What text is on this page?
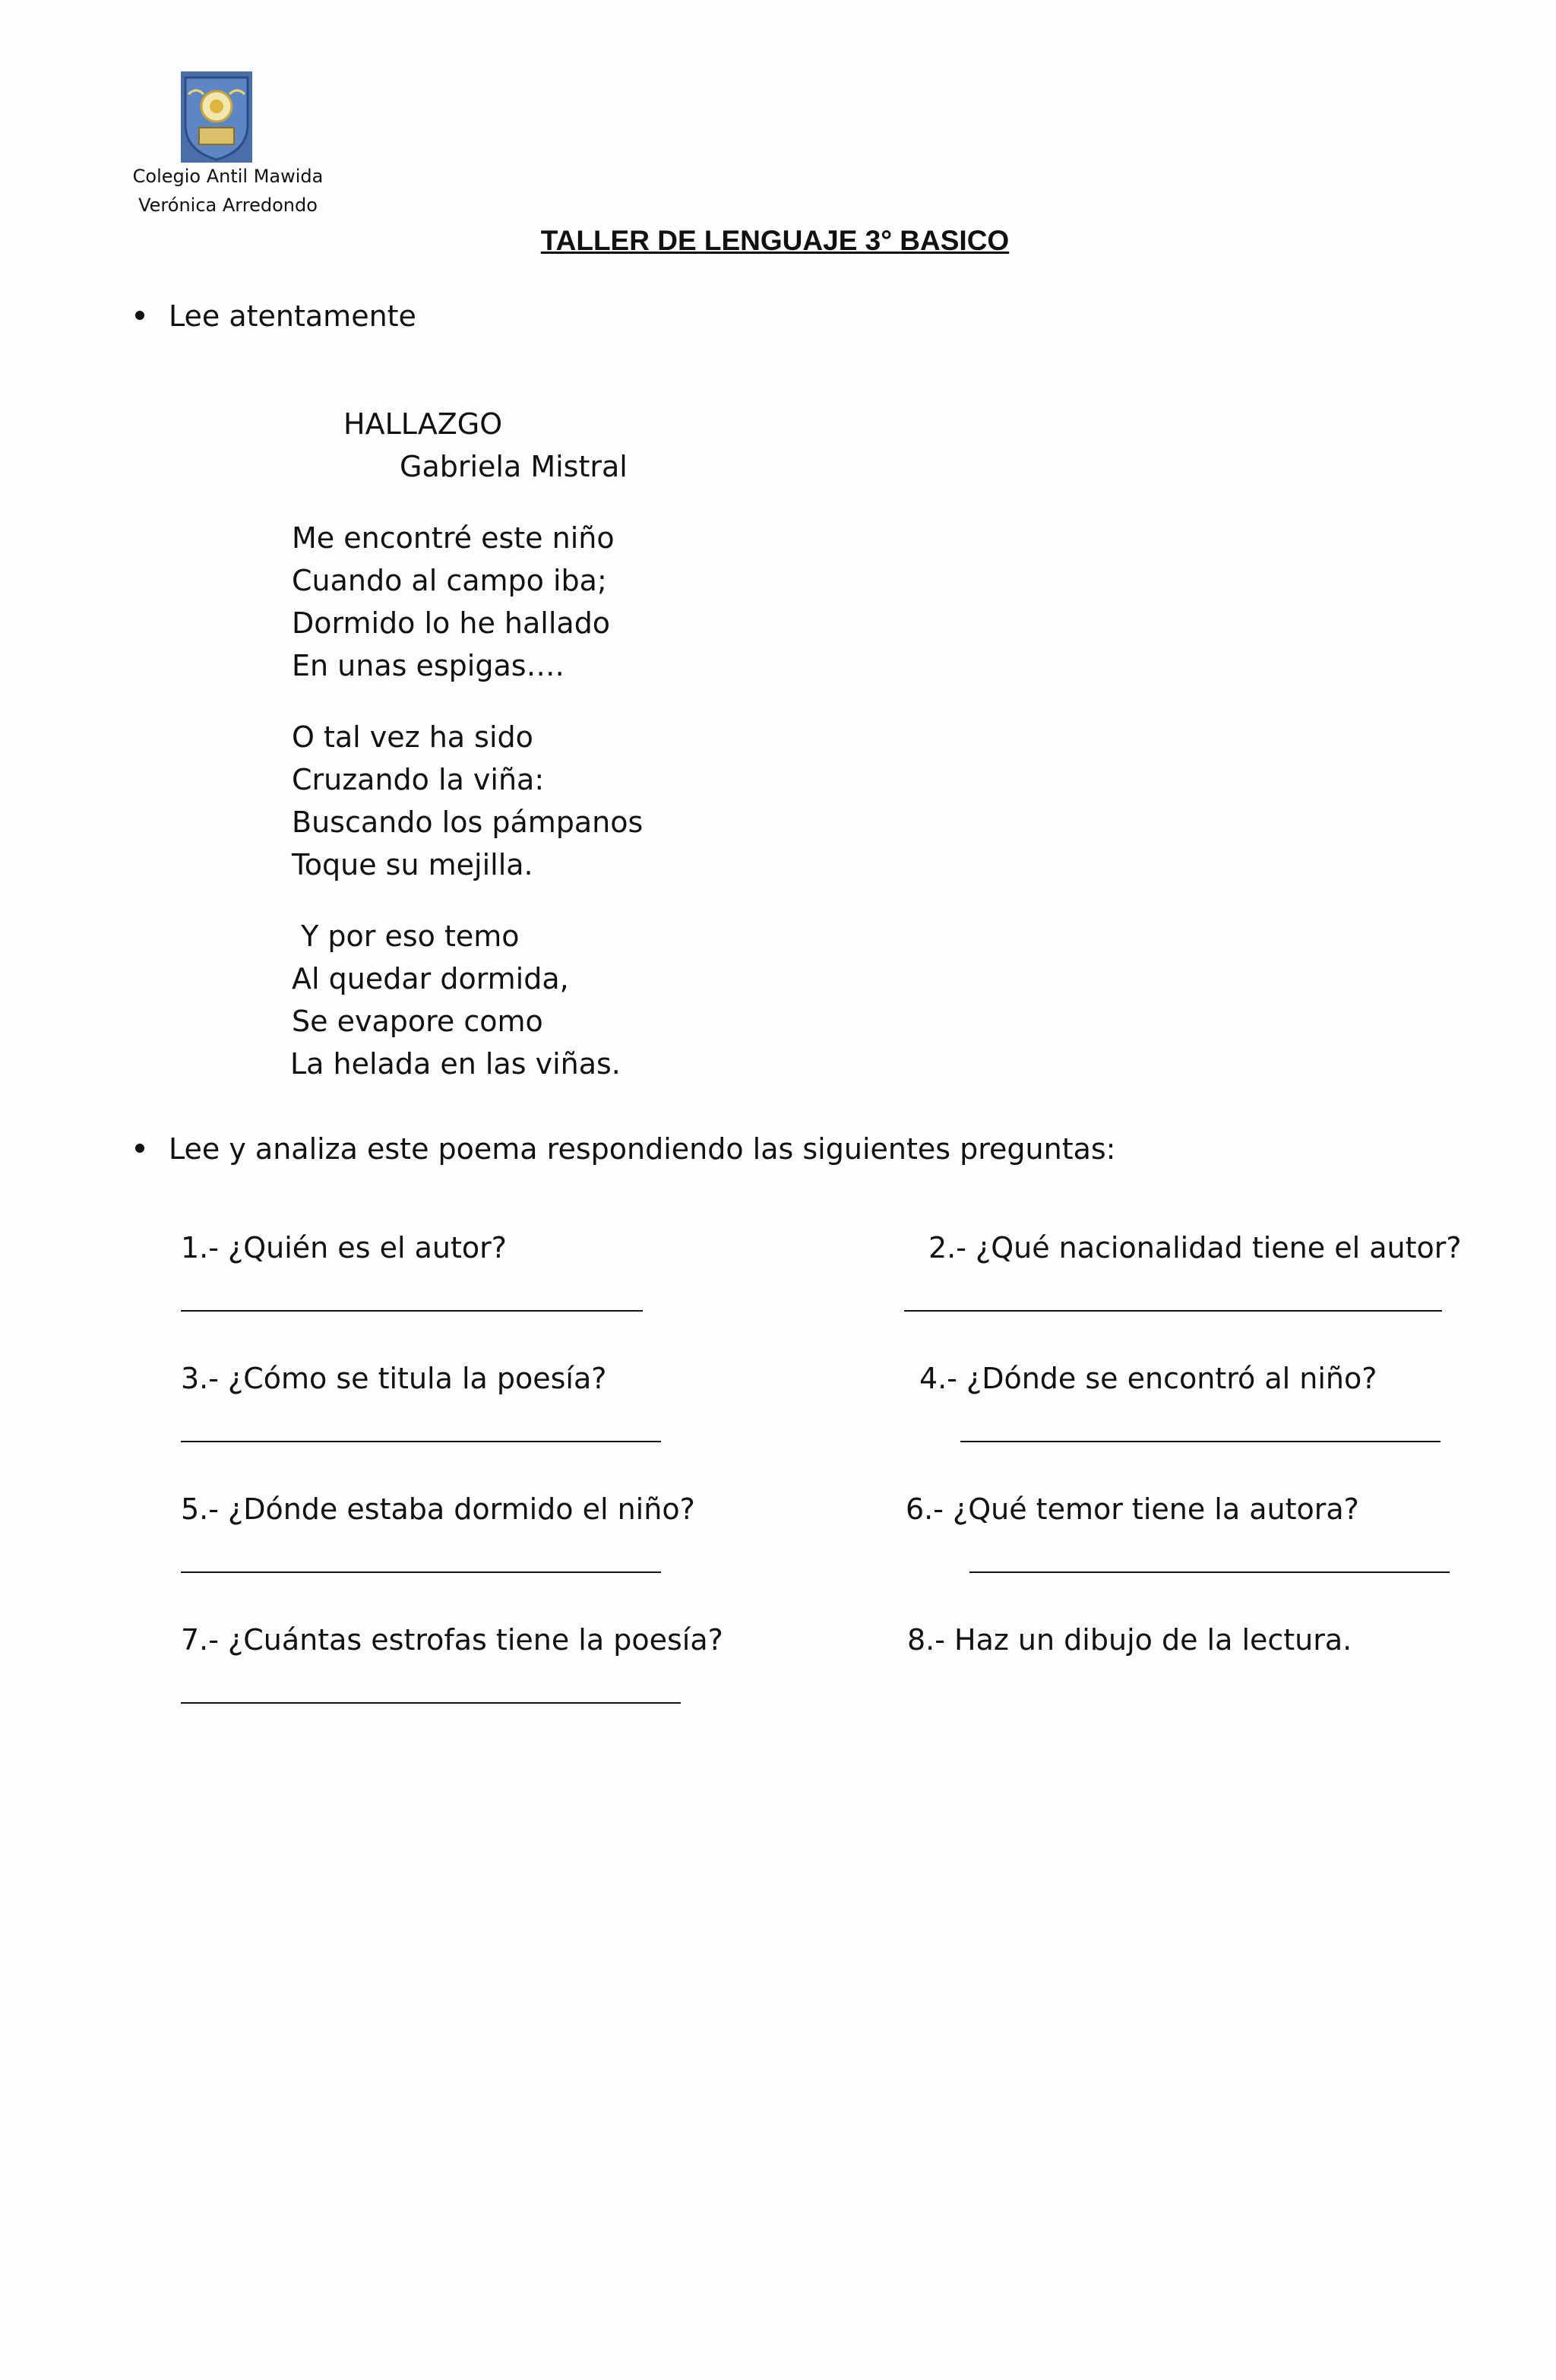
Colegio Antil Mawida
Verónica Arredondo
TALLER DE LENGUAJE 3° BASICO
Lee atentamente
HALLAZGO
Gabriela Mistral
Me encontré este niño
Cuando al campo iba;
Dormido lo he hallado
En unas espigas….
O tal vez ha sido
Cruzando la viña:
Buscando los pámpanos
Toque su mejilla.
Y por eso temo
Al quedar dormida,
Se evapore como
La helada en las viñas.
Lee y analiza este poema respondiendo las siguientes preguntas:
1.- ¿Quién es el autor?	2.- ¿Qué nacionalidad tiene el autor?
3.- ¿Cómo se titula la poesía?	4.- ¿Dónde se encontró al niño?
5.- ¿Dónde estaba dormido el niño?	6.- ¿Qué temor tiene la autora?
7.- ¿Cuántas estrofas tiene la poesía?	8.- Haz un dibujo de la lectura.
